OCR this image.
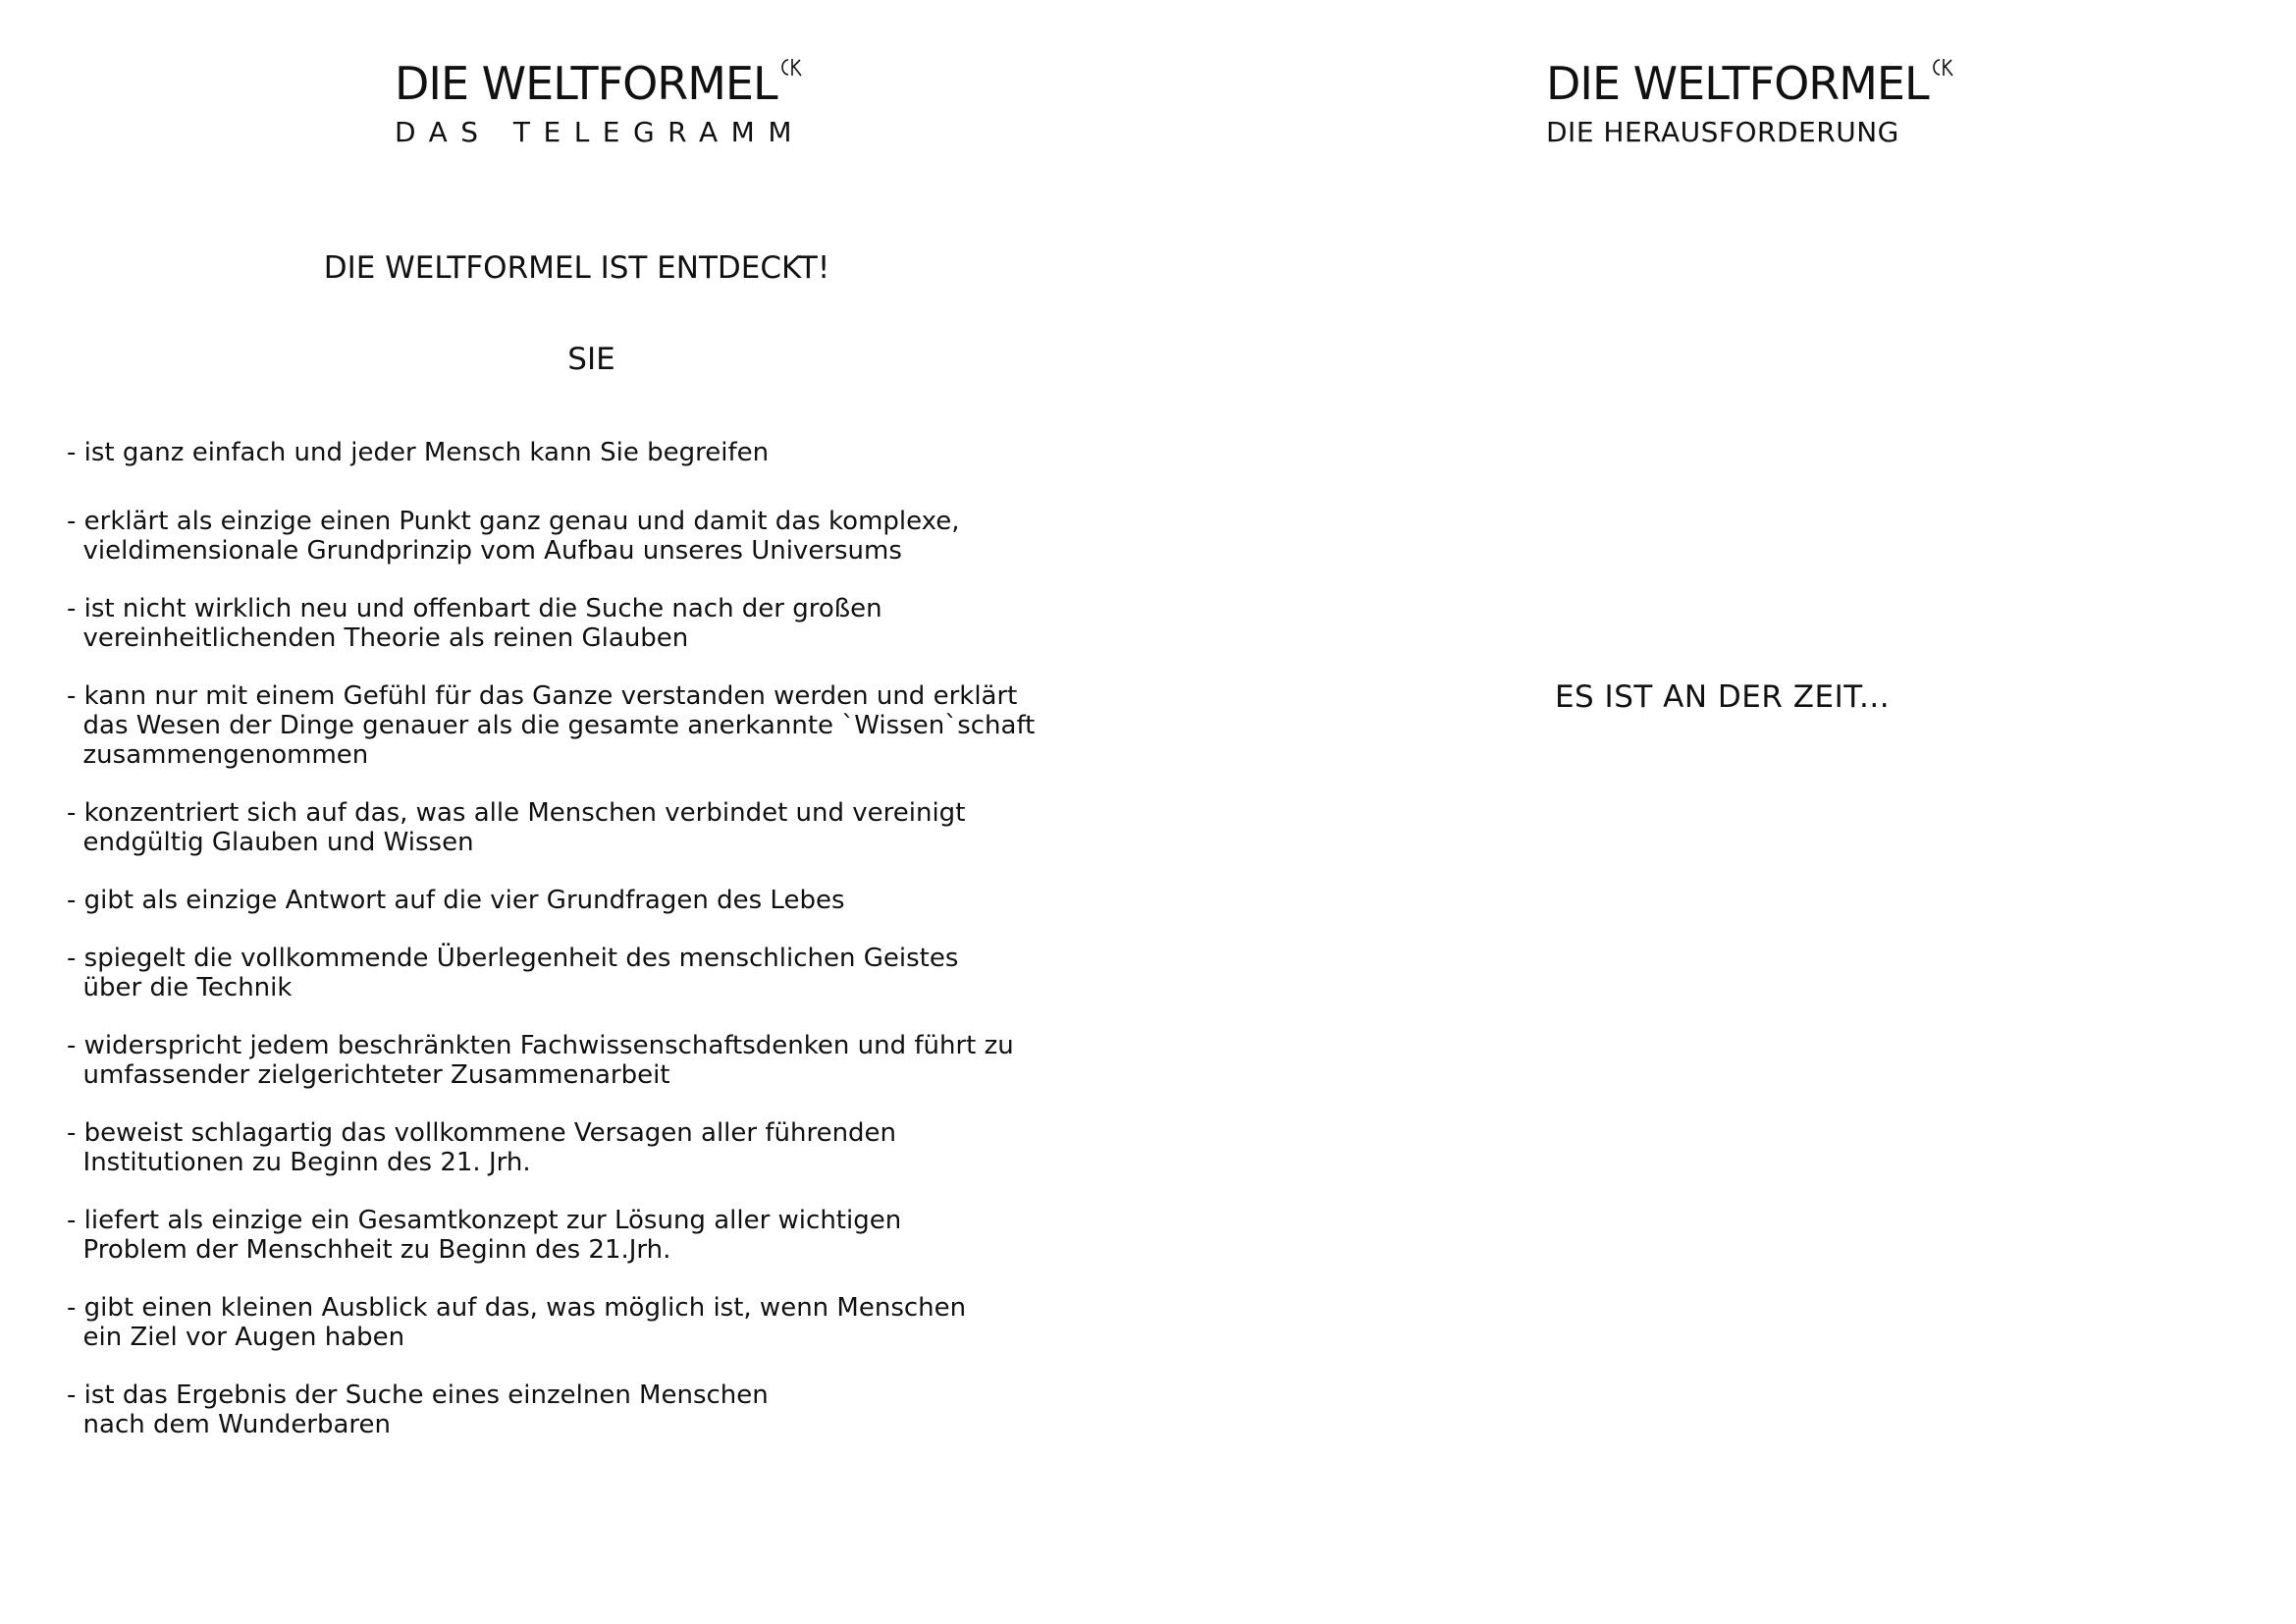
DIE WELTFORMEL
DAS TELEGRAMM
DIE WELTFORMEL IST ENTDECKT!
SIE
- ist ganz einfach und jeder Mensch kann Sie begreifen
- erklärt als einzige einen Punkt ganz genau und damit das komplexe,
vieldimensionale Grundprinzip vom Aufbau unseres Universums
- ist nicht wirklich neu und offenbart die Suche nach der großen
vereinheitlichenden Theorie als reinen Glauben
- kann nur mit einem Gefühl für das Ganze verstanden werden und erklärt
das Wesen der Dinge genauer als die gesamte anerkannte `Wissen`schaft
zusammengenommen
- konzentriert sich auf das, was alle Menschen verbindet und vereinigt
endgültig Glauben und Wissen
- gibt als einzige Antwort auf die vier Grundfragen des Lebes
- spiegelt die vollkommende Überlegenheit des menschlichen Geistes
über die Technik
- widerspricht jedem beschränkten Fachwissenschaftsdenken und führt zu
umfassender zielgerichteter Zusammenarbeit
- beweist schlagartig das vollkommene Versagen aller führenden
Institutionen zu Beginn des 21. Jrh.
- liefert als einzige ein Gesamtkonzept zur Lösung aller wichtigen
Problem der Menschheit zu Beginn des 21.Jrh.
- gibt einen kleinen Ausblick auf das, was möglich ist, wenn Menschen
ein Ziel vor Augen haben
- ist das Ergebnis der Suche eines einzelnen Menschen
nach dem Wunderbaren
DIE WELTFORMEL
DIE HERAUSFORDERUNG
ES IST AN DER ZEIT...
